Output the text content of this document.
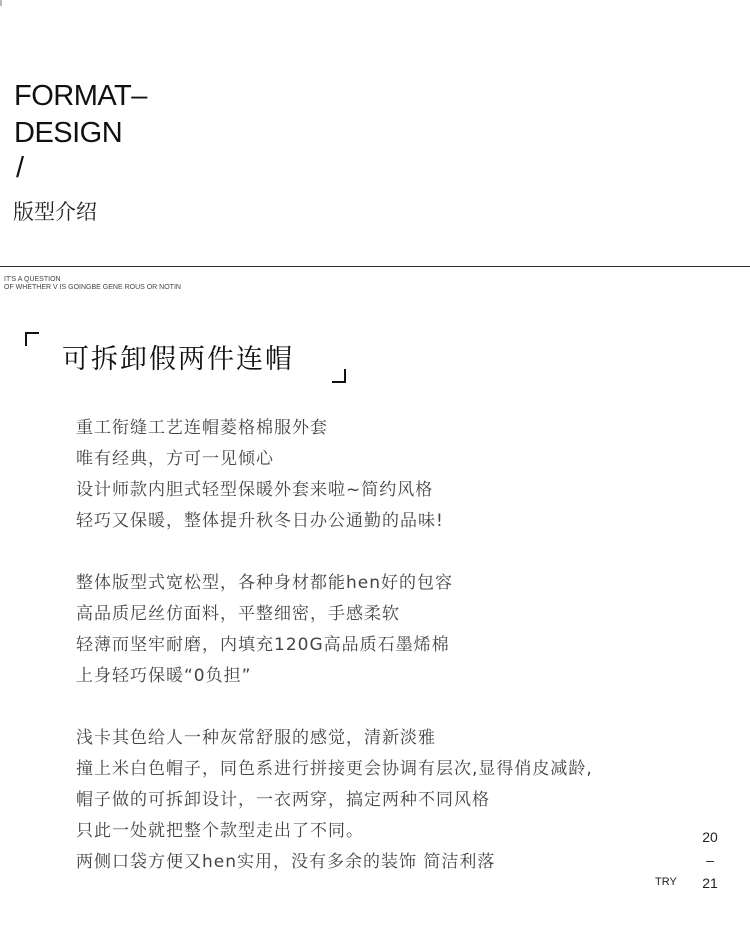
FORMAT–
DESIGN
/
版型介绍
IT'S A QUESTION
OF WHETHER V IS GOINGBE GENE ROUS OR NOTIN
可拆卸假两件连帽
重工衔缝工艺连帽菱格棉服外套
唯有经典，方可一见倾心
设计师款内胆式轻型保暖外套来啦~简约风格
轻巧又保暖，整体提升秋冬日办公通勤的品味!
整体版型式宽松型，各种身材都能hen好的包容
高品质尼丝仿面料，平整细密，手感柔软
轻薄而坚牢耐磨，内填充120G高品质石墨烯棉
上身轻巧保暖“0负担”
浅卡其色给人一种灰常舒服的感觉，清新淡雅
撞上米白色帽子，同色系进行拼接更会协调有层次,显得俏皮减龄,
帽子做的可拆卸设计，一衣两穿，搞定两种不同风格
只此一处就把整个款型走出了不同。
两侧口袋方便又hen实用，没有多余的装饰 简洁利落
20
–
21
TRY
